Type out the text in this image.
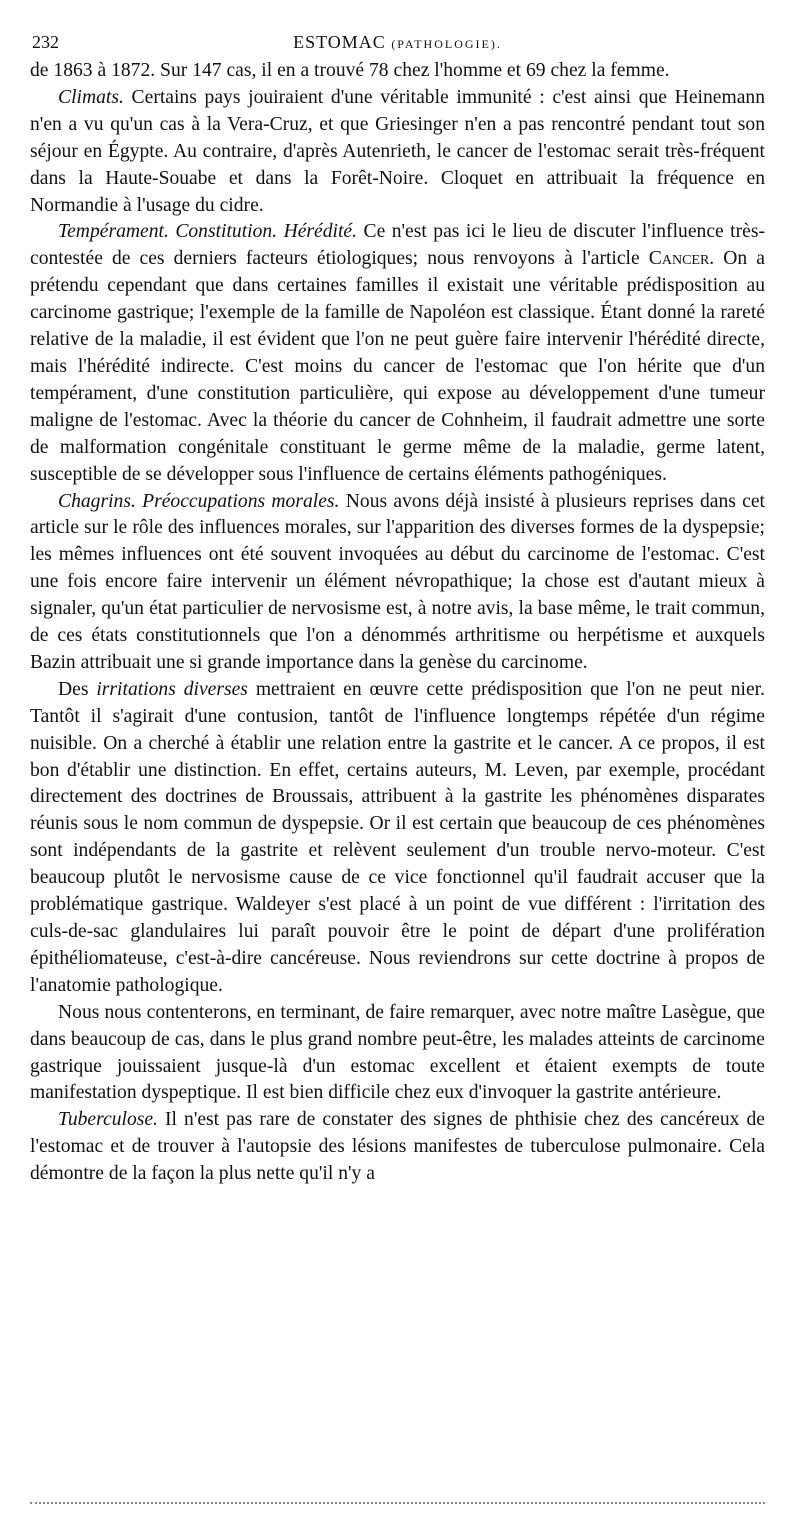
232	ESTOMAC (PATHOLOGIE).

de 1863 à 1872. Sur 147 cas, il en a trouvé 78 chez l'homme et 69 chez la femme.

Climats. Certains pays jouiraient d'une véritable immunité : c'est ainsi que Heinemann n'en a vu qu'un cas à la Vera-Cruz, et que Griesinger n'en a pas rencontré pendant tout son séjour en Égypte. Au contraire, d'après Autenrieth, le cancer de l'estomac serait très-fréquent dans la Haute-Souabe et dans la Forêt-Noire. Cloquet en attribuait la fréquence en Normandie à l'usage du cidre.

Tempérament. Constitution. Hérédité. Ce n'est pas ici le lieu de discuter l'influence très-contestée de ces derniers facteurs étiologiques; nous renvoyons à l'article Cancer. On a prétendu cependant que dans certaines familles il existait une véritable prédisposition au carcinome gastrique; l'exemple de la famille de Napoléon est classique. Étant donné la rareté relative de la maladie, il est évident que l'on ne peut guère faire intervenir l'hérédité directe, mais l'hérédité indirecte. C'est moins du cancer de l'estomac que l'on hérite que d'un tempérament, d'une constitution particulière, qui expose au développement d'une tumeur maligne de l'estomac. Avec la théorie du cancer de Cohnheim, il faudrait admettre une sorte de malformation congénitale constituant le germe même de la maladie, germe latent, susceptible de se développer sous l'influence de certains éléments pathogéniques.

Chagrins. Préoccupations morales. Nous avons déjà insisté à plusieurs reprises dans cet article sur le rôle des influences morales, sur l'apparition des diverses formes de la dyspepsie; les mêmes influences ont été souvent invoquées au début du carcinome de l'estomac. C'est une fois encore faire intervenir un élément névropathique; la chose est d'autant mieux à signaler, qu'un état particulier de nervosisme est, à notre avis, la base même, le trait commun, de ces états constitutionnels que l'on a dénommés arthritisme ou herpétisme et auxquels Bazin attribuait une si grande importance dans la genèse du carcinome.

Des irritations diverses mettraient en œuvre cette prédisposition que l'on ne peut nier. Tantôt il s'agirait d'une contusion, tantôt de l'influence longtemps répétée d'un régime nuisible. On a cherché à établir une relation entre la gastrite et le cancer. A ce propos, il est bon d'établir une distinction. En effet, certains auteurs, M. Leven, par exemple, procédant directement des doctrines de Broussais, attribuent à la gastrite les phénomènes disparates réunis sous le nom commun de dyspepsie. Or il est certain que beaucoup de ces phénomènes sont indépendants de la gastrite et relèvent seulement d'un trouble nervo-moteur. C'est beaucoup plutôt le nervosisme cause de ce vice fonctionnel qu'il faudrait accuser que la problématique gastrique. Waldeyer s'est placé à un point de vue différent : l'irritation des culs-de-sac glandulaires lui paraît pouvoir être le point de départ d'une prolifération épithéliomateuse, c'est-à-dire cancéreuse. Nous reviendrons sur cette doctrine à propos de l'anatomie pathologique.

Nous nous contenterons, en terminant, de faire remarquer, avec notre maître Lasègue, que dans beaucoup de cas, dans le plus grand nombre peut-être, les malades atteints de carcinome gastrique jouissaient jusque-là d'un estomac excellent et étaient exempts de toute manifestation dyspeptique. Il est bien difficile chez eux d'invoquer la gastrite antérieure.

Tuberculose. Il n'est pas rare de constater des signes de phthisie chez des cancéreux de l'estomac et de trouver à l'autopsie des lésions manifestes de tuberculose pulmonaire. Cela démontre de la façon la plus nette qu'il n'y a
